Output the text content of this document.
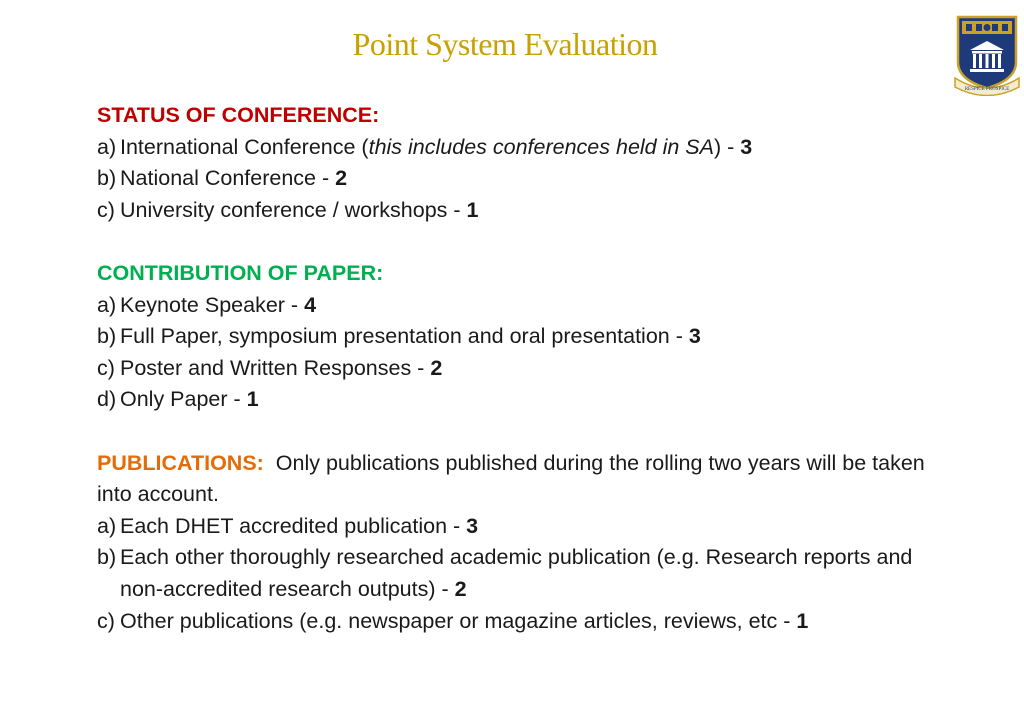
Point System Evaluation
RESPICE PROSPICE
STATUS OF CONFERENCE:
a) International Conference (this includes conferences held in SA) - 3
b) National Conference - 2
c) University conference / workshops - 1
CONTRIBUTION OF PAPER:
a) Keynote Speaker - 4
b) Full Paper, symposium presentation and oral presentation - 3
c) Poster and Written Responses - 2
d) Only Paper - 1
PUBLICATIONS: Only publications published during the rolling two years will be taken into account.
a) Each DHET accredited publication - 3
b) Each other thoroughly researched academic publication (e.g. Research reports and non-accredited research outputs) - 2
c) Other publications (e.g. newspaper or magazine articles, reviews, etc - 1
